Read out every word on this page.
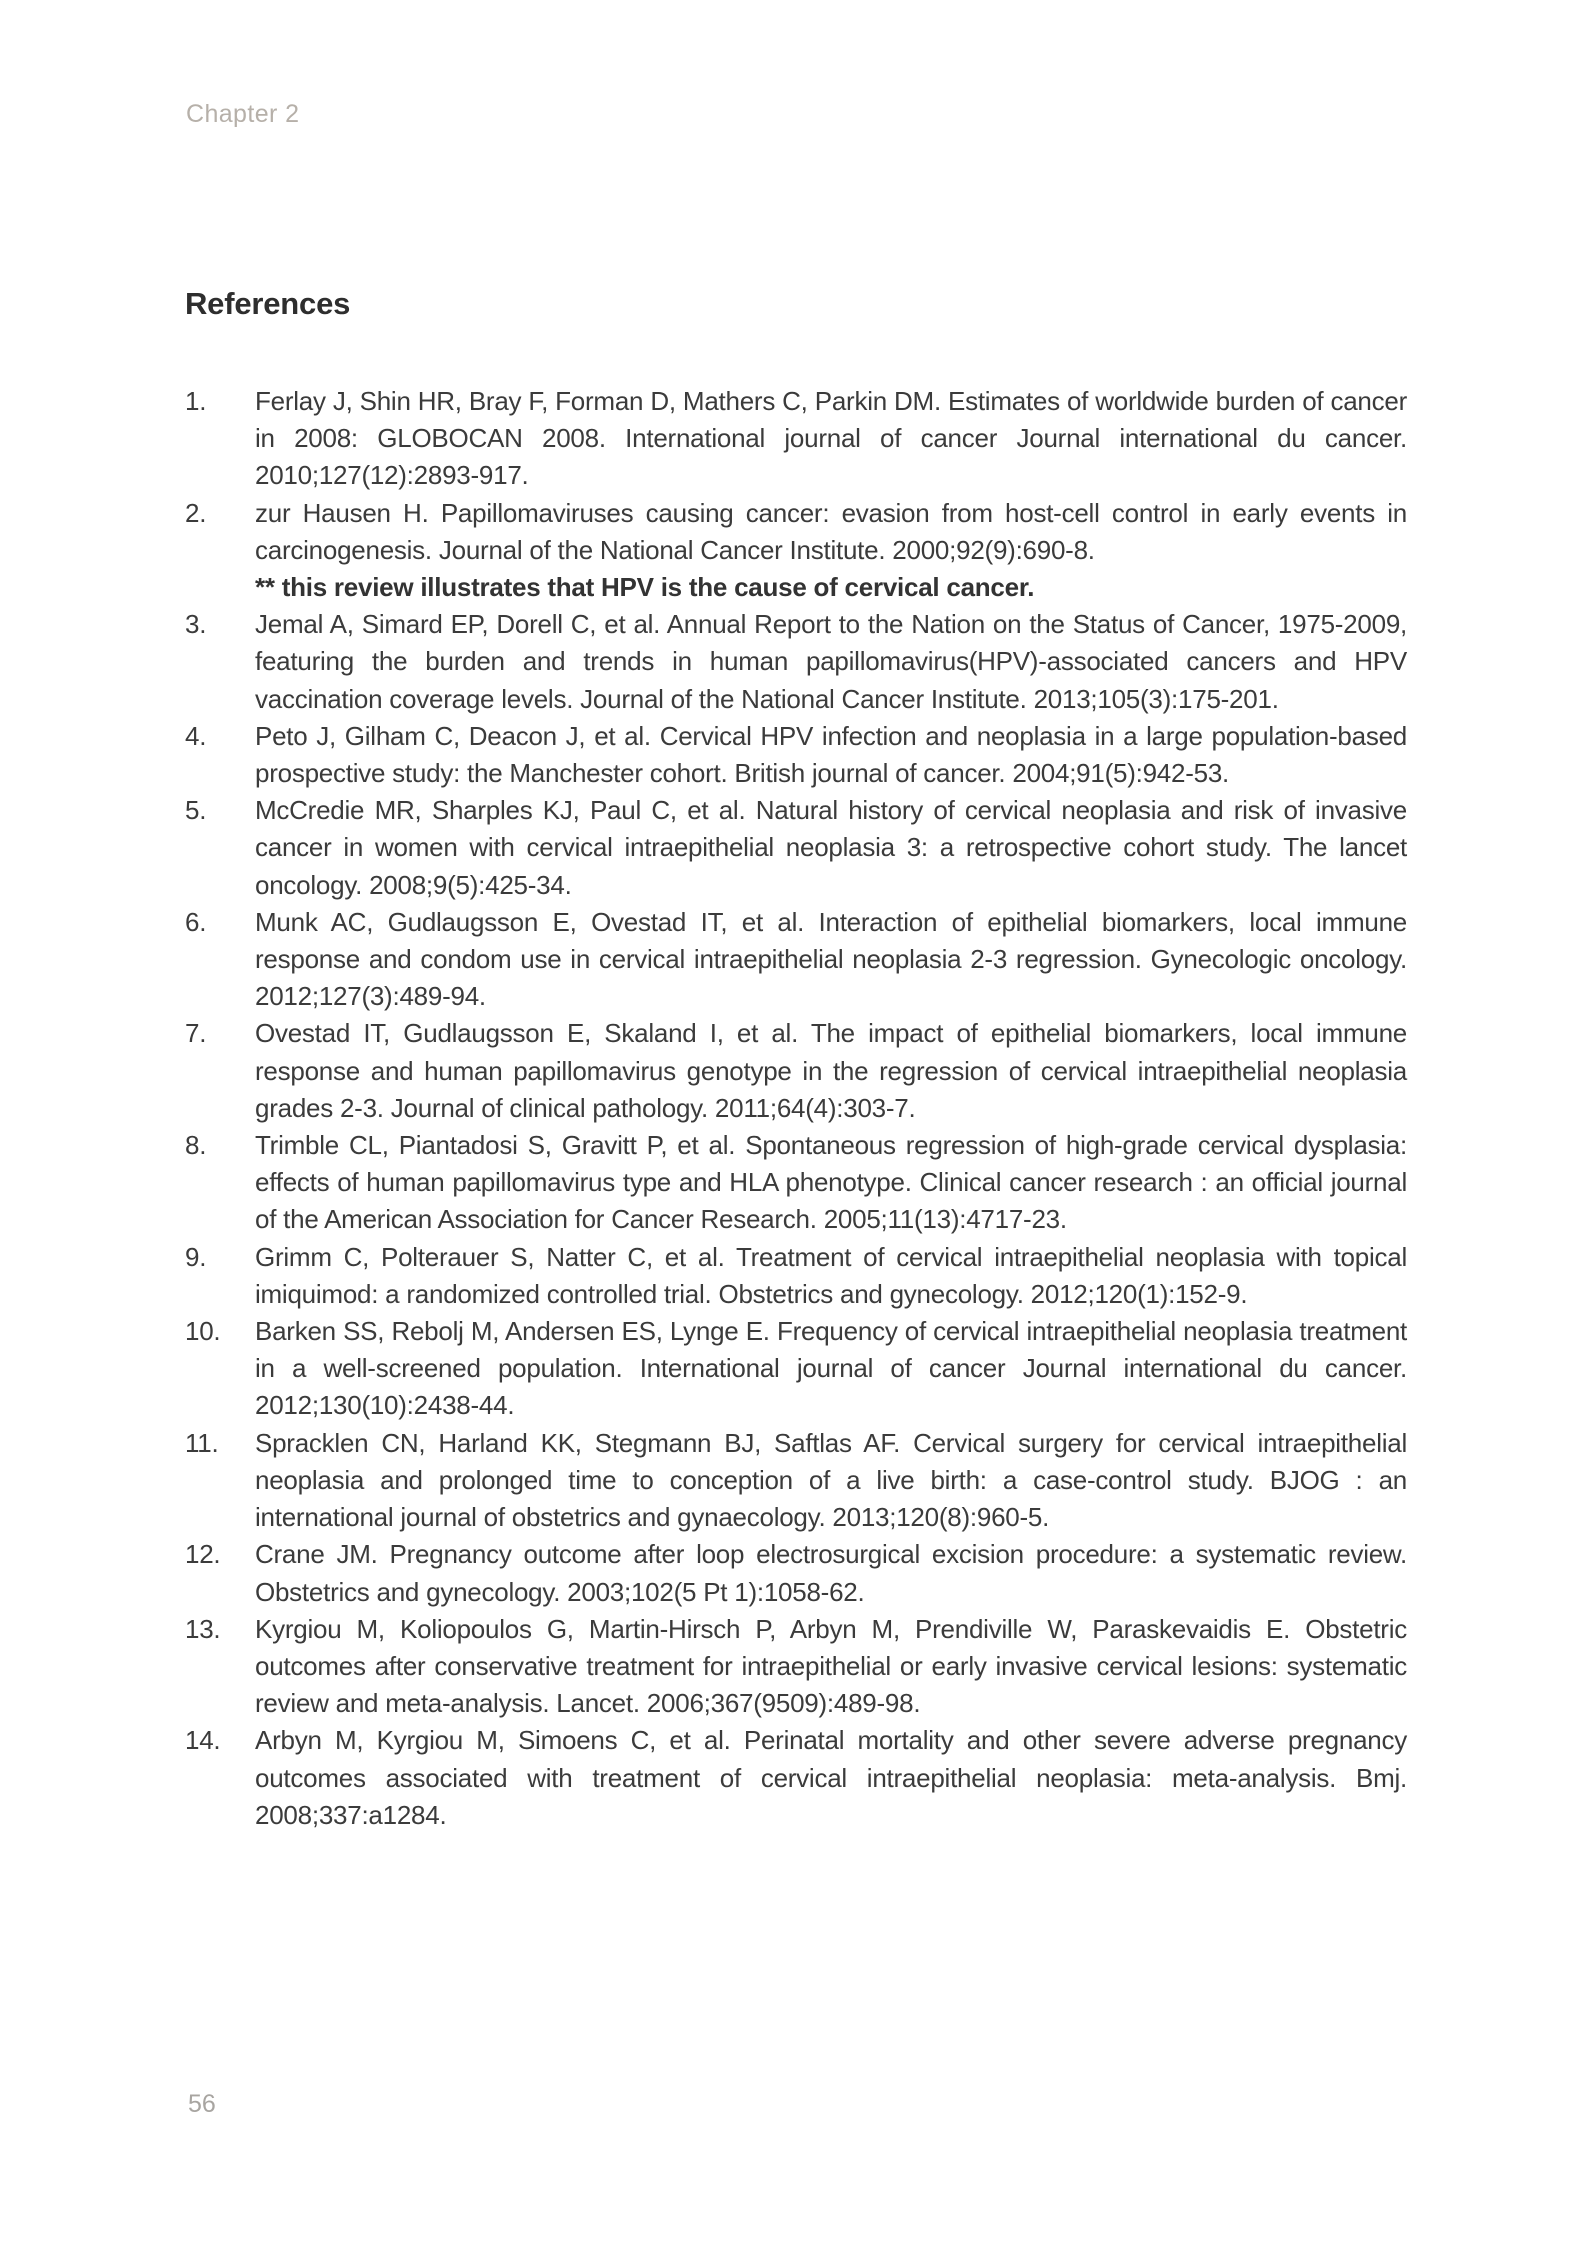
Chapter 2
References
1.	Ferlay J, Shin HR, Bray F, Forman D, Mathers C, Parkin DM. Estimates of worldwide burden of cancer in 2008: GLOBOCAN 2008. International journal of cancer Journal international du cancer. 2010;127(12):2893-917.
2.	zur Hausen H. Papillomaviruses causing cancer: evasion from host-cell control in early events in carcinogenesis. Journal of the National Cancer Institute. 2000;92(9):690-8.
** this review illustrates that HPV is the cause of cervical cancer.
3.	Jemal A, Simard EP, Dorell C, et al. Annual Report to the Nation on the Status of Cancer, 1975-2009, featuring the burden and trends in human papillomavirus(HPV)-associated cancers and HPV vaccination coverage levels. Journal of the National Cancer Institute. 2013;105(3):175-201.
4.	Peto J, Gilham C, Deacon J, et al. Cervical HPV infection and neoplasia in a large population-based prospective study: the Manchester cohort. British journal of cancer. 2004;91(5):942-53.
5.	McCredie MR, Sharples KJ, Paul C, et al. Natural history of cervical neoplasia and risk of invasive cancer in women with cervical intraepithelial neoplasia 3: a retrospective cohort study. The lancet oncology. 2008;9(5):425-34.
6.	Munk AC, Gudlaugsson E, Ovestad IT, et al. Interaction of epithelial biomarkers, local immune response and condom use in cervical intraepithelial neoplasia 2-3 regression. Gynecologic oncology. 2012;127(3):489-94.
7.	Ovestad IT, Gudlaugsson E, Skaland I, et al. The impact of epithelial biomarkers, local immune response and human papillomavirus genotype in the regression of cervical intraepithelial neoplasia grades 2-3. Journal of clinical pathology. 2011;64(4):303-7.
8.	Trimble CL, Piantadosi S, Gravitt P, et al. Spontaneous regression of high-grade cervical dysplasia: effects of human papillomavirus type and HLA phenotype. Clinical cancer research : an official journal of the American Association for Cancer Research. 2005;11(13):4717-23.
9.	Grimm C, Polterauer S, Natter C, et al. Treatment of cervical intraepithelial neoplasia with topical imiquimod: a randomized controlled trial. Obstetrics and gynecology. 2012;120(1):152-9.
10.	Barken SS, Rebolj M, Andersen ES, Lynge E. Frequency of cervical intraepithelial neoplasia treatment in a well-screened population. International journal of cancer Journal international du cancer. 2012;130(10):2438-44.
11.	Spracklen CN, Harland KK, Stegmann BJ, Saftlas AF. Cervical surgery for cervical intraepithelial neoplasia and prolonged time to conception of a live birth: a case-control study. BJOG : an international journal of obstetrics and gynaecology. 2013;120(8):960-5.
12.	Crane JM. Pregnancy outcome after loop electrosurgical excision procedure: a systematic review. Obstetrics and gynecology. 2003;102(5 Pt 1):1058-62.
13.	Kyrgiou M, Koliopoulos G, Martin-Hirsch P, Arbyn M, Prendiville W, Paraskevaidis E. Obstetric outcomes after conservative treatment for intraepithelial or early invasive cervical lesions: systematic review and meta-analysis. Lancet. 2006;367(9509):489-98.
14.	Arbyn M, Kyrgiou M, Simoens C, et al. Perinatal mortality and other severe adverse pregnancy outcomes associated with treatment of cervical intraepithelial neoplasia: meta-analysis. Bmj. 2008;337:a1284.
56
